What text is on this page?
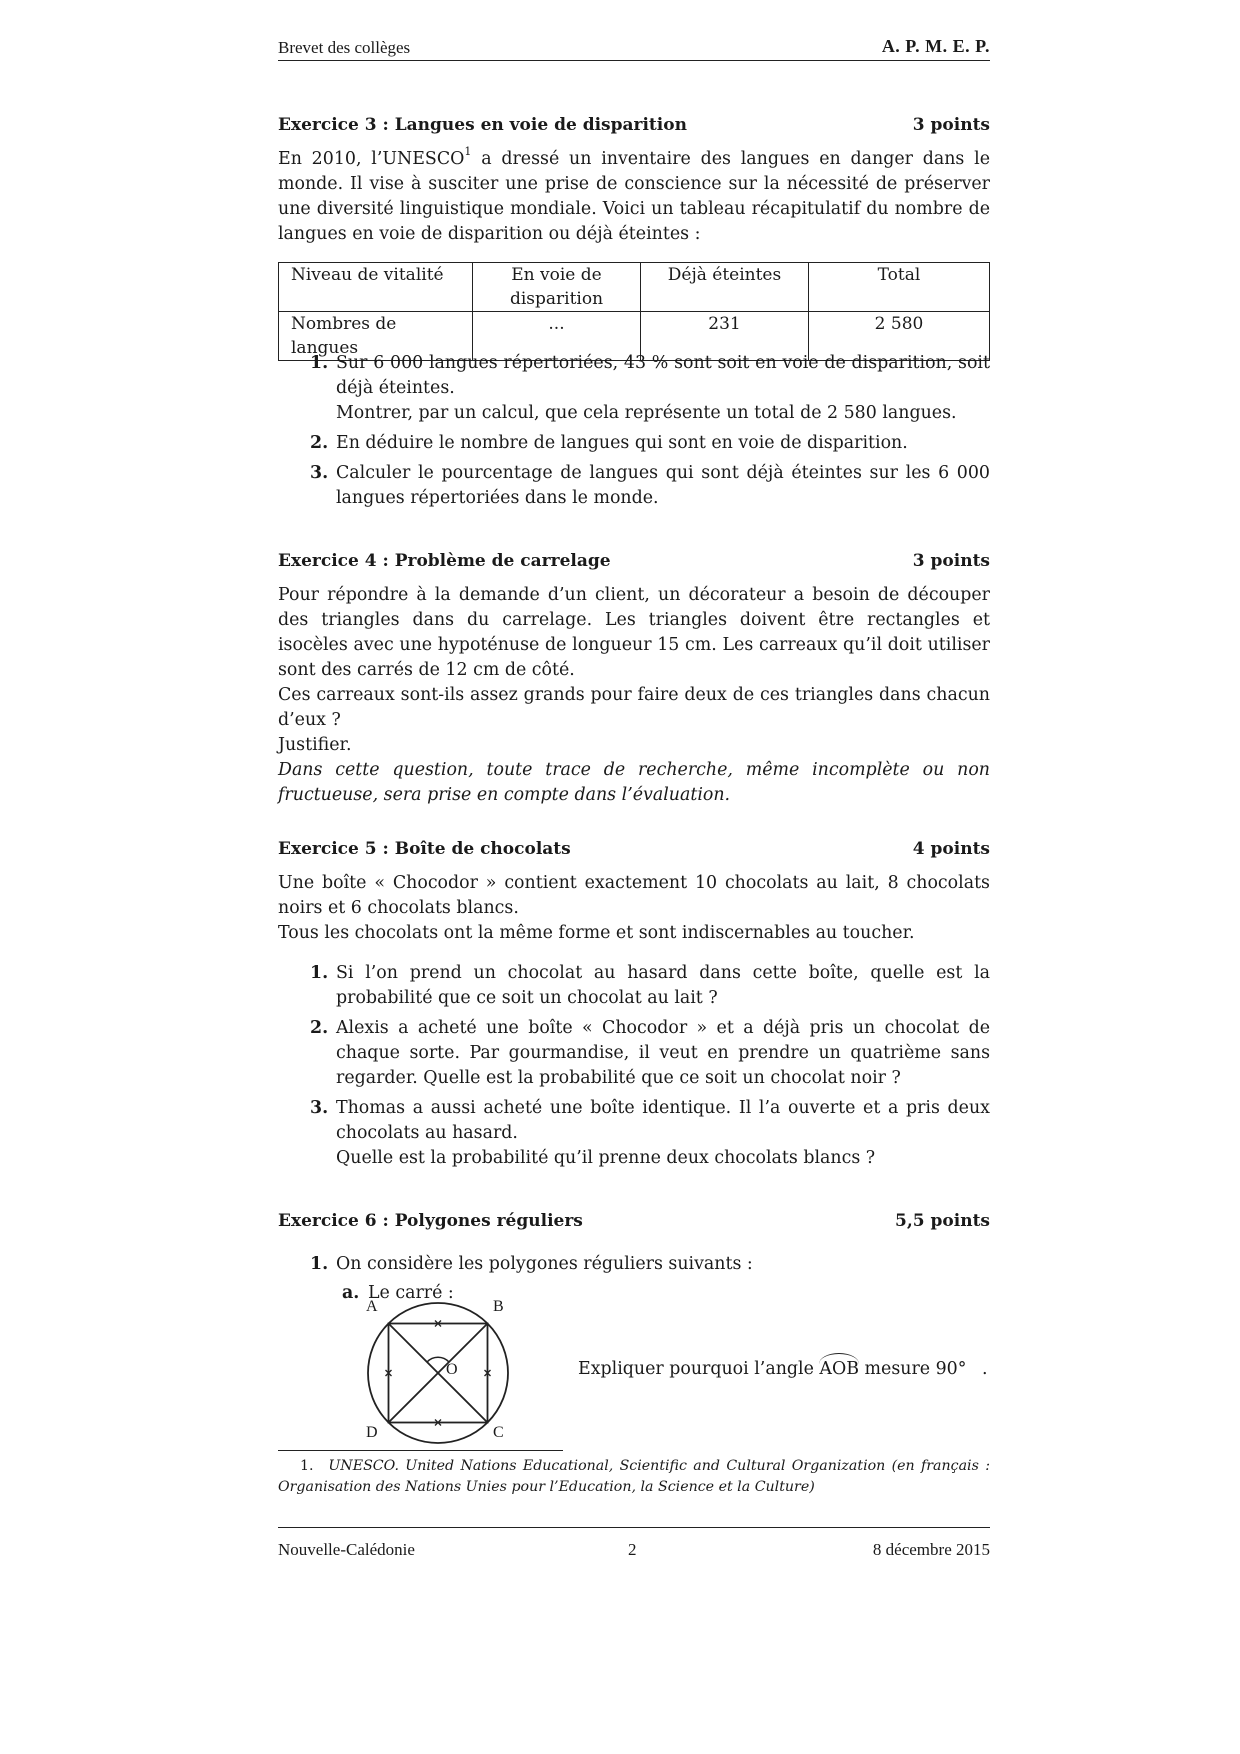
Brevet des collèges	A. P. M. E. P.
Exercice 3 : Langues en voie de disparition	3 points

En 2010, l’UNESCO$^1$ a dressé un inventaire des langues en danger dans le monde. Il vise à susciter une prise de conscience sur la nécessité de préserver une diversité linguistique mondiale. Voici un tableau récapitulatif du nombre de langues en voie de disparition ou déjà éteintes :

Niveau de vitalité	En voie de disparition	Déjà éteintes	Total
Nombres de langues	...	231	2 580
1. Sur 6 000 langues répertoriées, 43 % sont soit en voie de disparition, soit déjà éteintes.

Montrer, par un calcul, que cela représente un total de 2 580 langues.

2. En déduire le nombre de langues qui sont en voie de disparition.

3. Calculer le pourcentage de langues qui sont déjà éteintes sur les 6 000 langues répertoriées dans le monde.

Exercice 4 : Problème de carrelage	3 points

Pour répondre à la demande d’un client, un décorateur a besoin de découper des triangles dans du carrelage. Les triangles doivent être rectangles et isocèles avec une hypoténuse de longueur 15 cm. Les carreaux qu’il doit utiliser sont des carrés de 12 cm de côté.

Ces carreaux sont-ils assez grands pour faire deux de ces triangles dans chacun d’eux ?

Justifier.

Dans cette question, toute trace de recherche, même incomplète ou non fructueuse, sera prise en compte dans l’évaluation.

Exercice 5 : Boîte de chocolats	4 points

Une boîte « Chocodor » contient exactement 10 chocolats au lait, 8 chocolats noirs et 6 chocolats blancs.

Tous les chocolats ont la même forme et sont indiscernables au toucher.

1. Si l’on prend un chocolat au hasard dans cette boîte, quelle est la probabilité que ce soit un chocolat au lait ?

2. Alexis a acheté une boîte « Chocodor » et a déjà pris un chocolat de chaque sorte. Par gourmandise, il veut en prendre un quatrième sans regarder. Quelle est la probabilité que ce soit un chocolat noir ?

3. Thomas a aussi acheté une boîte identique. Il l’a ouverte et a pris deux chocolats au hasard.

Quelle est la probabilité qu’il prenne deux chocolats blancs ?

Exercice 6 : Polygones réguliers	5,5 points
1. On considère les polygones réguliers suivants :

a. Le carré :
A	B
D	C
O	Expliquer pourquoi l’angle AOB mesure 90° .
1. UNESCO. United Nations Educational, Scientific and Cultural Organization (en français : Organisation des Nations Unies pour l’Education, la Science et la Culture)
Nouvelle-Calédonie	2	8 décembre 2015
